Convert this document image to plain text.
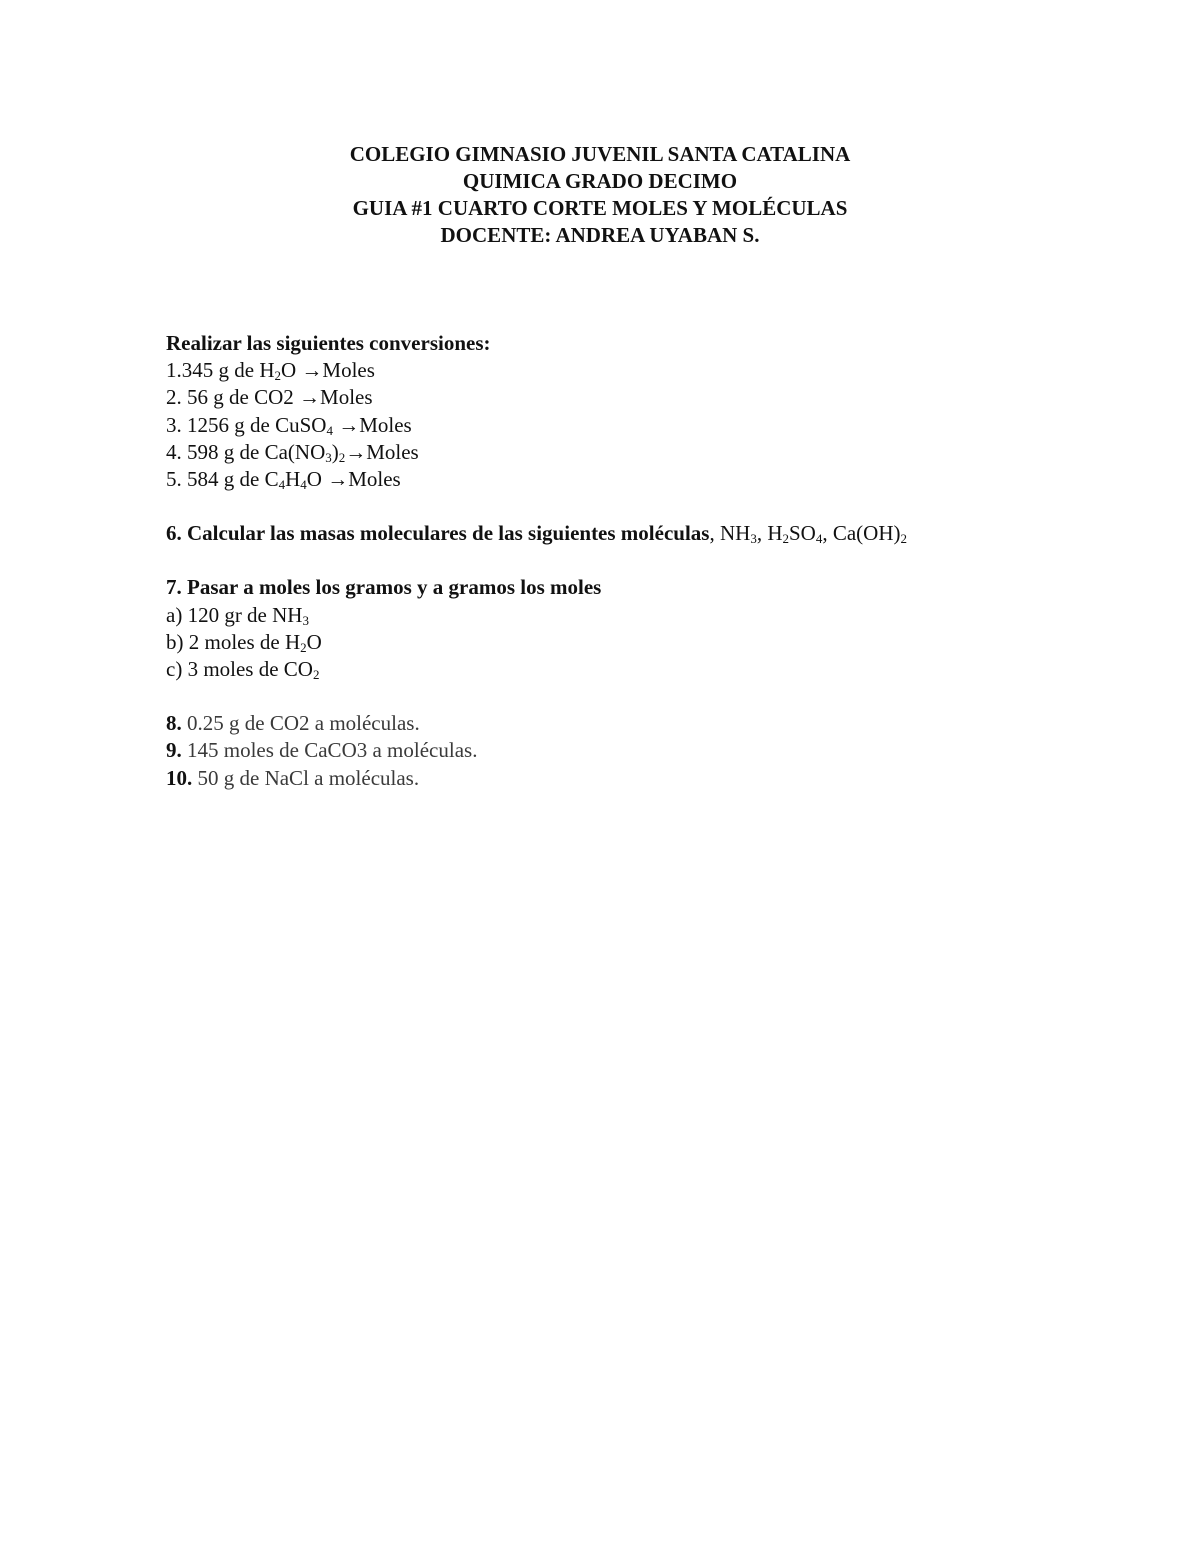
COLEGIO GIMNASIO JUVENIL SANTA CATALINA
QUIMICA GRADO DECIMO
GUIA #1 CUARTO CORTE MOLES Y MOLÉCULAS
DOCENTE: ANDREA UYABAN S.
Realizar las siguientes conversiones:
1.345 g de $H_2O$ →Moles
2. 56 g de CO2 →Moles
3. 1256 g de CuSO$_4$ →Moles
4. 598 g de $Ca(NO_3)_2\to Moles$
5. 584 g de $C_4H_4O$ →Moles
6. Calcular las masas moleculares de las siguientes moléculas, $NH_3$, $H_2SO_4$, $Ca(OH)_2$
7. Pasar a moles los gramos y a gramos los moles
a) 120 gr de $NH_3$
b) 2 moles de $H_2O$
c) 3 moles de $CO_2$
8. 0.25 g de CO2 a moléculas.
9. 145 moles de CaCO3 a moléculas.
10. 50 g de NaCl a moléculas.
